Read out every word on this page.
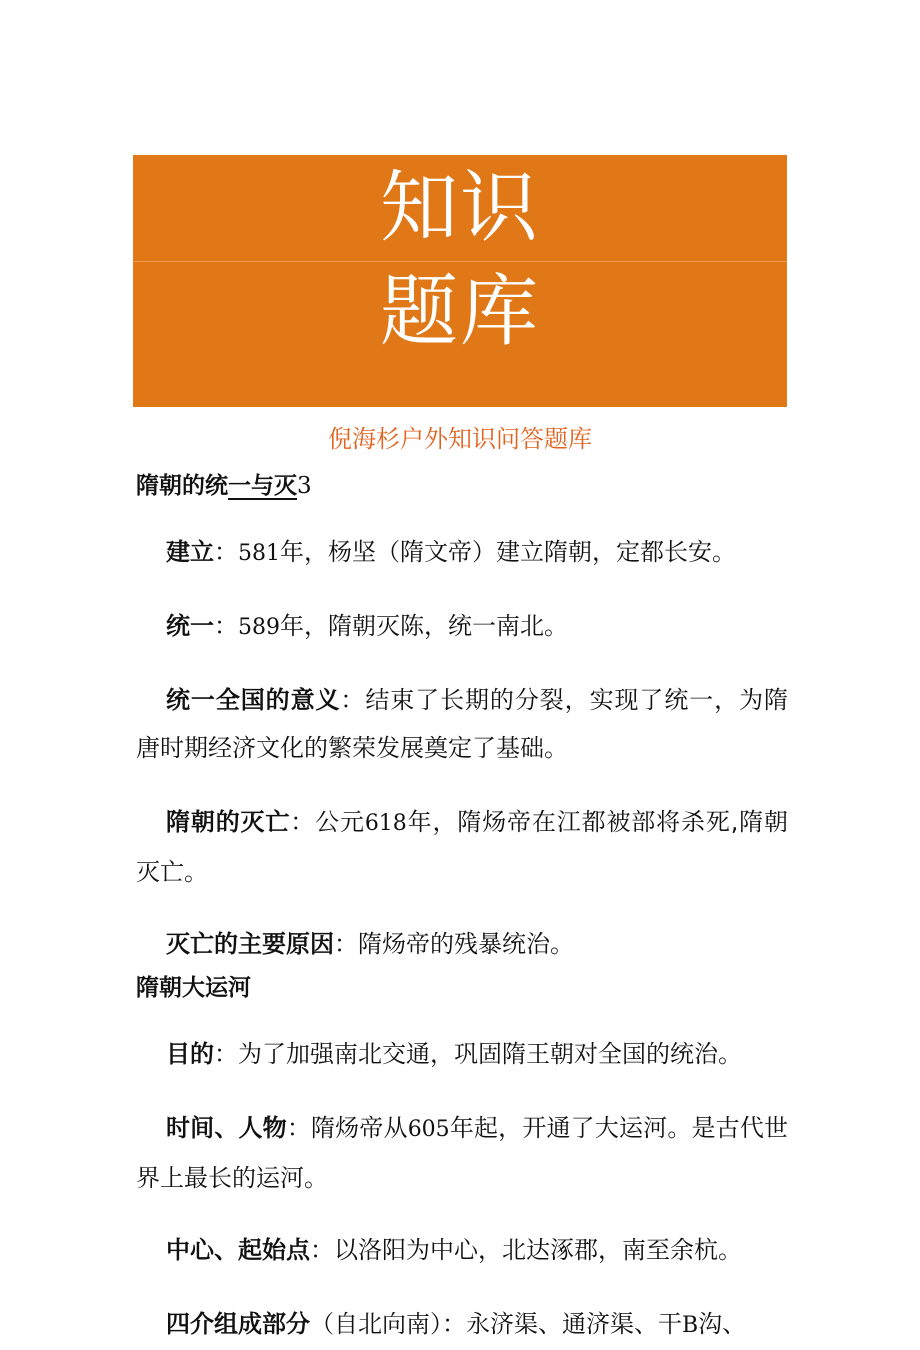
知识
题库
倪海杉户外知识问答题库
隋朝的统一与灭3

建立：581年，杨坚（隋文帝）建立隋朝，定都长安。

统一：589年，隋朝灭陈，统一南北。

统一全国的意义：结束了长期的分裂，实现了统一，为隋唐时期经济文化的繁荣发展奠定了基础。

隋朝的灭亡：公元618年，隋炀帝在江都被部将杀死,隋朝灭亡。

灭亡的主要原因：隋炀帝的残暴统治。

隋朝大运河

目的：为了加强南北交通，巩固隋王朝对全国的统治。

时间、人物：隋炀帝从605年起，开通了大运河。是古代世界上最长的运河。

中心、起始点：以洛阳为中心，北达涿郡，南至余杭。

四介组成部分（自北向南）：永济渠、通济渠、干B沟、
